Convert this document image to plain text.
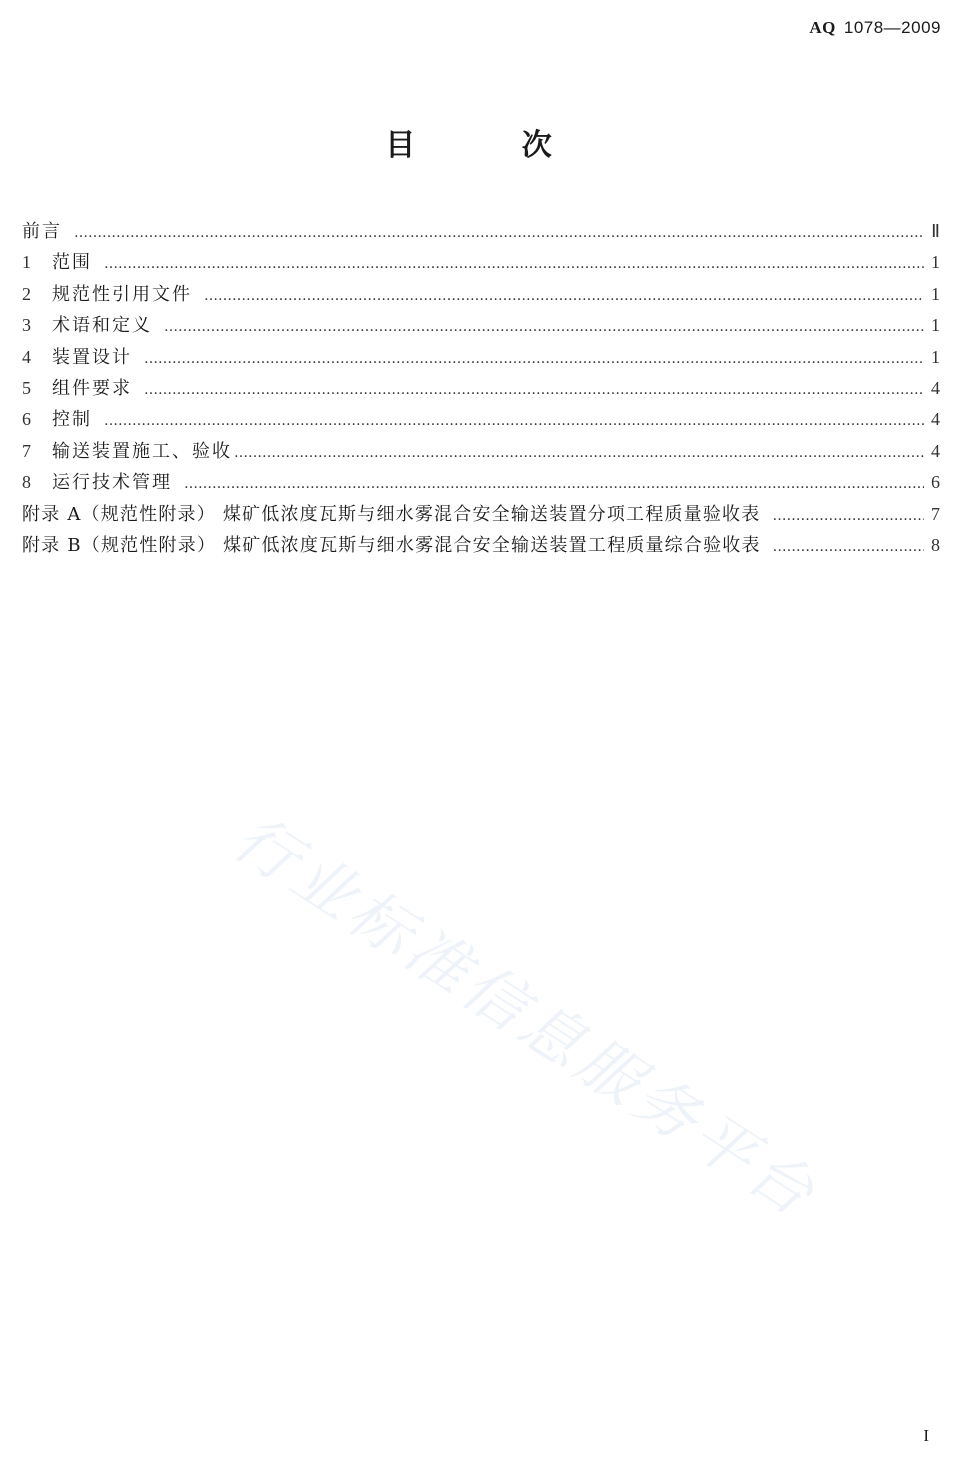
AQ 1078—2009
目 次
前言 ……………………………………………………………………………………………………………………………………………………………………………………………………………	Ⅱ
1	范围 ……………………………………………………………………………………………………………………………………………………………………………………………………………	1
2	规范性引用文件 ……………………………………………………………………………………………………………………………………………………………………………………………………………	1
3	术语和定义 ……………………………………………………………………………………………………………………………………………………………………………………………………………	1
4	装置设计 ……………………………………………………………………………………………………………………………………………………………………………………………………………	1
5	组件要求 ……………………………………………………………………………………………………………………………………………………………………………………………………………	4
6	控制 ……………………………………………………………………………………………………………………………………………………………………………………………………………	4
7	输送装置施工、验收 ……………………………………………………………………………………………………………………………………………………………………………………………………………	4
8	运行技术管理 ……………………………………………………………………………………………………………………………………………………………………………………………………………	6
附录 A（规范性附录） 煤矿低浓度瓦斯与细水雾混合安全输送装置分项工程质量验收表 ……………………………………………………………………………………………………………………………………………………………………………………………………………	7
附录 B（规范性附录） 煤矿低浓度瓦斯与细水雾混合安全输送装置工程质量综合验收表 ……………………………………………………………………………………………………………………………………………………………………………………………………………	8
行业标准信息服务平台
I
